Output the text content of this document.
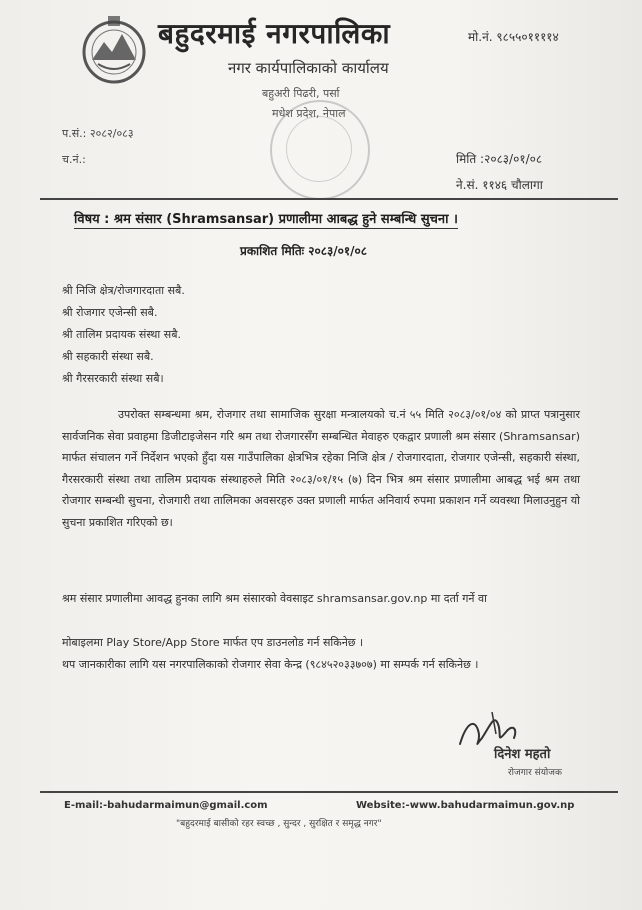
बहुदरमाई नगरपालिका	मो.नं. ९८५५०११११४
नगर कार्यपालिकाको कार्यालय
बहुअरी पिढरी, पर्सा
मधेश प्रदेश, नेपाल
प.सं.: २०८२/०८३
च.नं.:	मिति :२०८३/०१/०८
ने.सं. ११४६ चौलागा
विषय : श्रम संसार (Shramsansar) प्रणालीमा आबद्ध हुने सम्बन्धि सुचना ।
प्रकाशित मितिः २०८३/०१/०८
श्री निजि क्षेत्र/रोजगारदाता सबै.
श्री रोजगार एजेन्सी सबै.
श्री तालिम प्रदायक संस्था सबै.
श्री सहकारी संस्था सबै.
श्री गैरसरकारी संस्था सबै।
उपरोक्त सम्बन्धमा श्रम, रोजगार तथा सामाजिक सुरक्षा मन्त्रालयको च.नं ५५ मिति २०८३/०१/०४ को प्राप्त पत्रानुसार सार्वजनिक सेवा प्रवाहमा डिजीटाइजेसन गरि श्रम तथा रोजगारसँग सम्बन्धित मेवाहरु एकद्वार प्रणाली श्रम संसार (Shramsansar) मार्फत संचालन गर्ने निर्देशन भएको हुँदा यस गाउँपालिका क्षेत्रभित्र रहेका निजि क्षेत्र / रोजगारदाता, रोजगार एजेन्सी, सहकारी संस्था, गैरसरकारी संस्था तथा तालिम प्रदायक संस्थाहरुले मिति २०८३/०१/१५ (७) दिन भित्र श्रम संसार प्रणालीमा आबद्ध भई श्रम तथा रोजगार सम्बन्धी सुचना, रोजगारी तथा तालिमका अवसरहरु उक्त प्रणाली मार्फत अनिवार्य रुपमा प्रकाशन गर्ने व्यवस्था मिलाउनुहुन यो सुचना प्रकाशित गरिएको छ।
श्रम संसार प्रणालीमा आवद्ध हुनका लागि श्रम संसारको वेवसाइट shramsansar.gov.np मा दर्ता गर्ने वा
मोबाइलमा Play Store/App Store मार्फत एप डाउनलोड गर्न सकिनेछ ।
थप जानकारीका लागि यस नगरपालिकाको रोजगार सेवा केन्द्र (९८४५२०३३७०७) मा सम्पर्क गर्न सकिनेछ ।
दिनेश महतो
रोजगार संयोजक
E-mail:-bahudarmaimun@gmail.com	Website:-www.bahudarmaimun.gov.np
"बहुदरमाई बासीको रहर स्वच्छ , सुन्दर , सुरक्षित र समृद्ध नगर"
